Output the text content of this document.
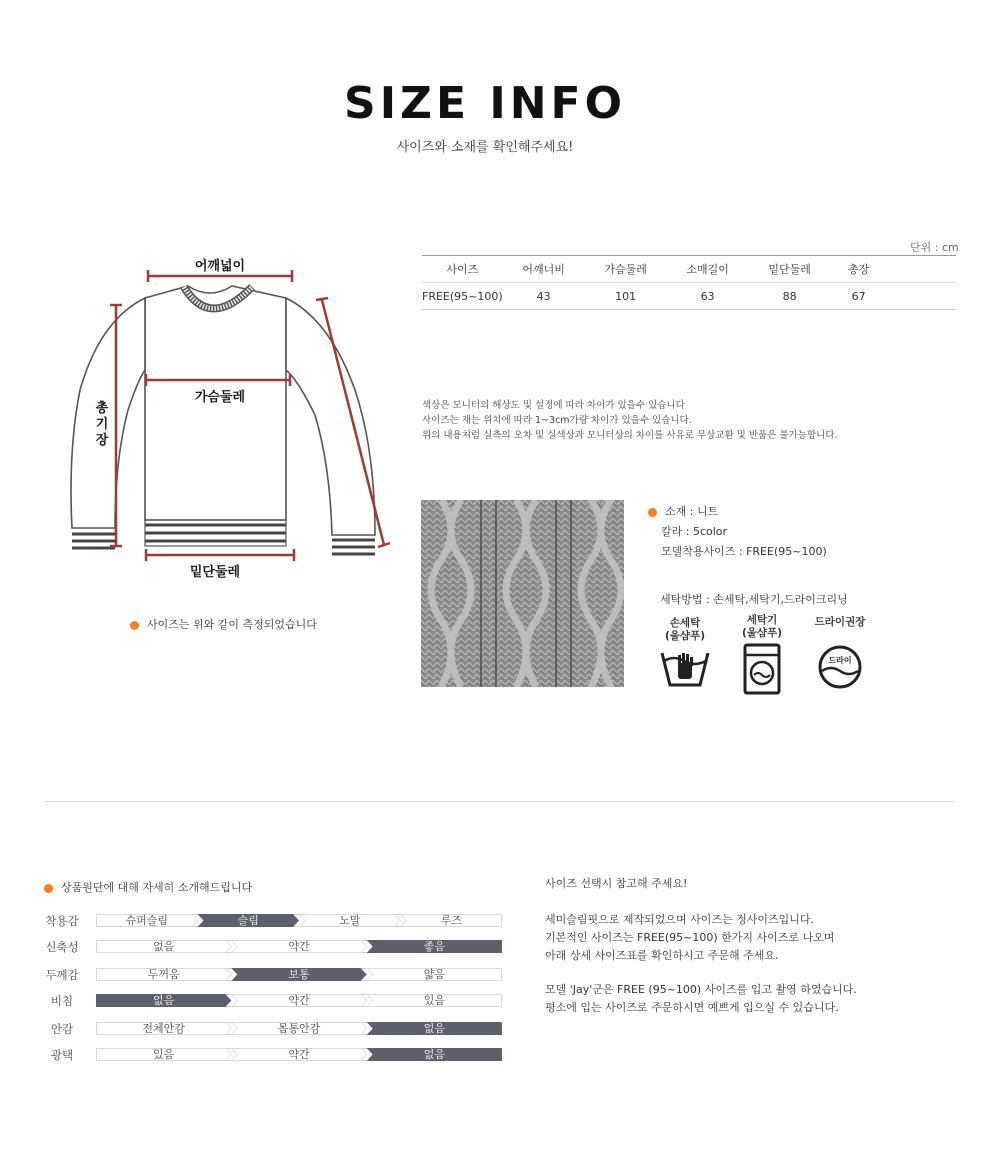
SIZE INFO
사이즈와 소재를 확인해주세요!
어깨넓이
가슴둘레
밑단둘레
총
기
장
사이즈는 위와 같이 측정되었습니다
단위 : cm
사이즈	어깨너비	가슴둘레	소매길이	밑단둘레	총장	
FREE(95~100)	43	101	63	88	67	
색상은 모니터의 해상도 및 설정에 따라 차이가 있을수 있습니다
사이즈는 재는 위치에 따라 1~3cm가량 차이가 있을수 있습니다.
위의 내용처럼 실측의 오차 및 실색상과 모니터상의 차이를 사유로 무상교환 및 반품은 불가능합니다.
소재 : 니트
칼라 : 5color
모델착용사이즈 : FREE(95~100)
세탁방법 : 손세탁,세탁기,드라이크리닝
손세탁
(울샴푸)
세탁기
(울샴푸)
드라이권장
드라이
상품원단에 대해 자세히 소개해드립니다
착용감	슈퍼슬림	슬림	노말	루즈
신축성	없음	약간	좋음
두께감	두꺼움	보통	얇음
비침	없음	약간	있음
안감	전체안감	몸통안감	없음
광택	있음	약간	없음

사이즈 선택시 참고해 주세요!

세미슬림핏으로 제작되었으며 사이즈는 정사이즈입니다.

기본적인 사이즈는 FREE(95~100) 한가지 사이즈로 나오며

아래 상세 사이즈표를 확인하시고 주문해 주세요.

모델 'Jay'군은 FREE (95~100) 사이즈를 입고 촬영 하였습니다.

평소에 입는 사이즈로 주문하시면 예쁘게 입으실 수 있습니다.
